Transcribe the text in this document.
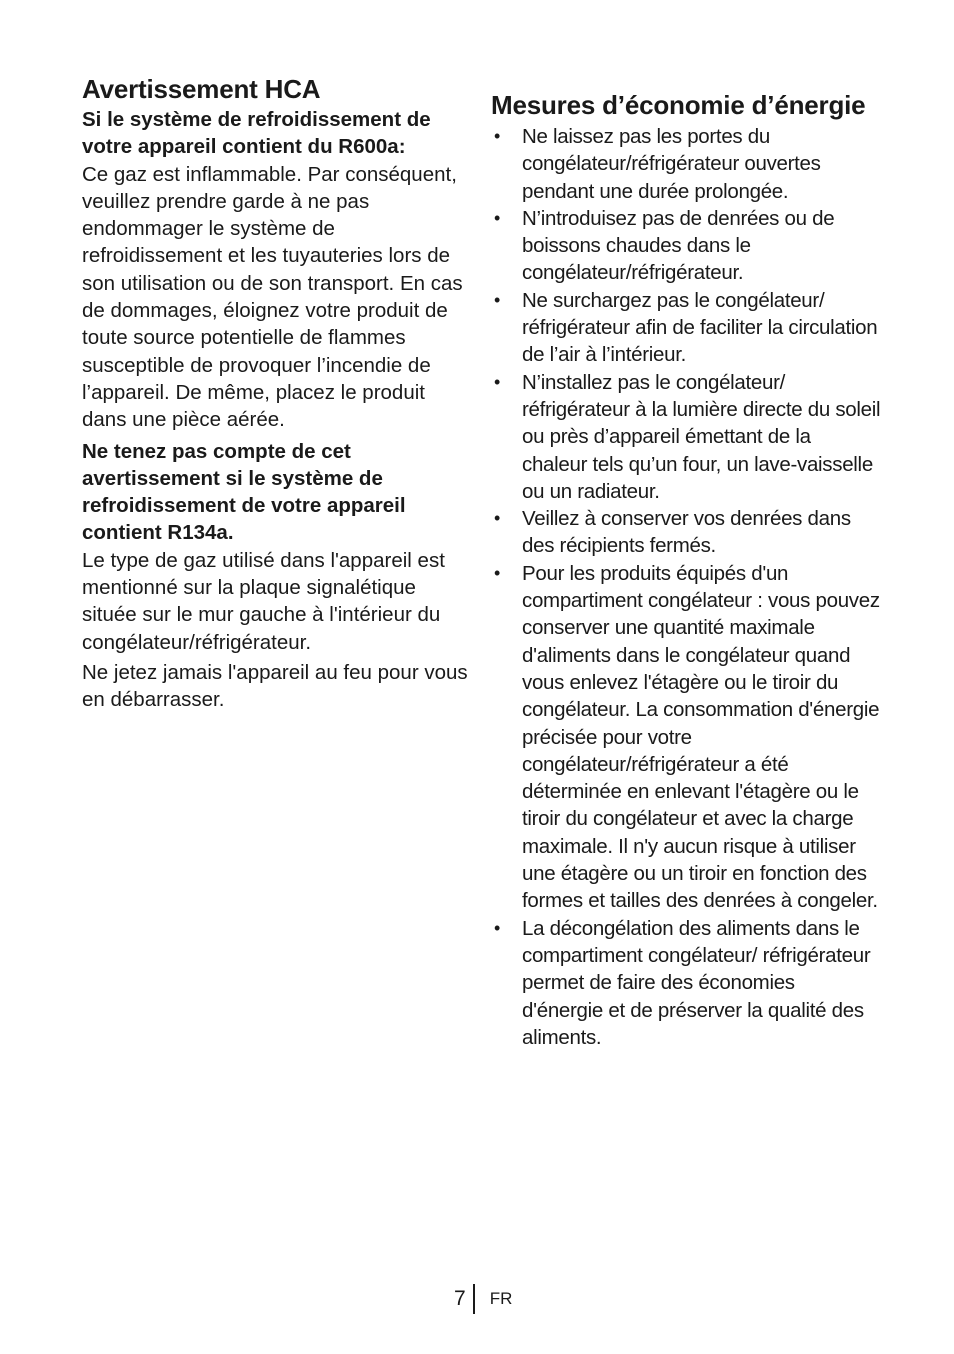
Avertissement HCA

Si le système de refroidissement de votre appareil contient du R600a:

Ce gaz est inflammable. Par conséquent, veuillez prendre garde à ne pas endommager le système de refroidissement et les tuyauteries lors de son utilisation ou de son transport. En cas de dommages, éloignez votre produit de toute source potentielle de flammes susceptible de provoquer l’incendie de l’appareil. De même, placez le produit dans une pièce aérée.

Ne tenez pas compte de cet avertissement si le système de refroidissement de votre appareil contient R134a.

Le type de gaz utilisé dans l'appareil est mentionné sur la plaque signalétique située sur le mur gauche à l'intérieur du congélateur/réfrigérateur.

Ne jetez jamais l'appareil au feu pour vous en débarrasser.

Mesures d’économie d’énergie
• Ne laissez pas les portes du congélateur/réfrigérateur ouvertes pendant une durée prolongée.
• N’introduisez pas de denrées ou de boissons chaudes dans le congélateur/réfrigérateur.
• Ne surchargez pas le congélateur/ réfrigérateur afin de faciliter la circulation de l’air à l’intérieur.
• N’installez pas le congélateur/ réfrigérateur à la lumière directe du soleil ou près d’appareil émettant de la chaleur tels qu’un four, un lave-vaisselle ou un radiateur.
• Veillez à conserver vos denrées dans des récipients fermés.
• Pour les produits équipés d'un compartiment congélateur : vous pouvez conserver une quantité maximale d'aliments dans le congélateur quand vous enlevez l'étagère ou le tiroir du congélateur. La consommation d'énergie précisée pour votre congélateur/réfrigérateur a été déterminée en enlevant l'étagère ou le tiroir du congélateur et avec la charge maximale. Il n'y aucun risque à utiliser une étagère ou un tiroir en fonction des formes et tailles des denrées à congeler.
• La décongélation des aliments dans le compartiment congélateur/ réfrigérateur permet de faire des économies d'énergie et de préserver la qualité des aliments.
7 FR
